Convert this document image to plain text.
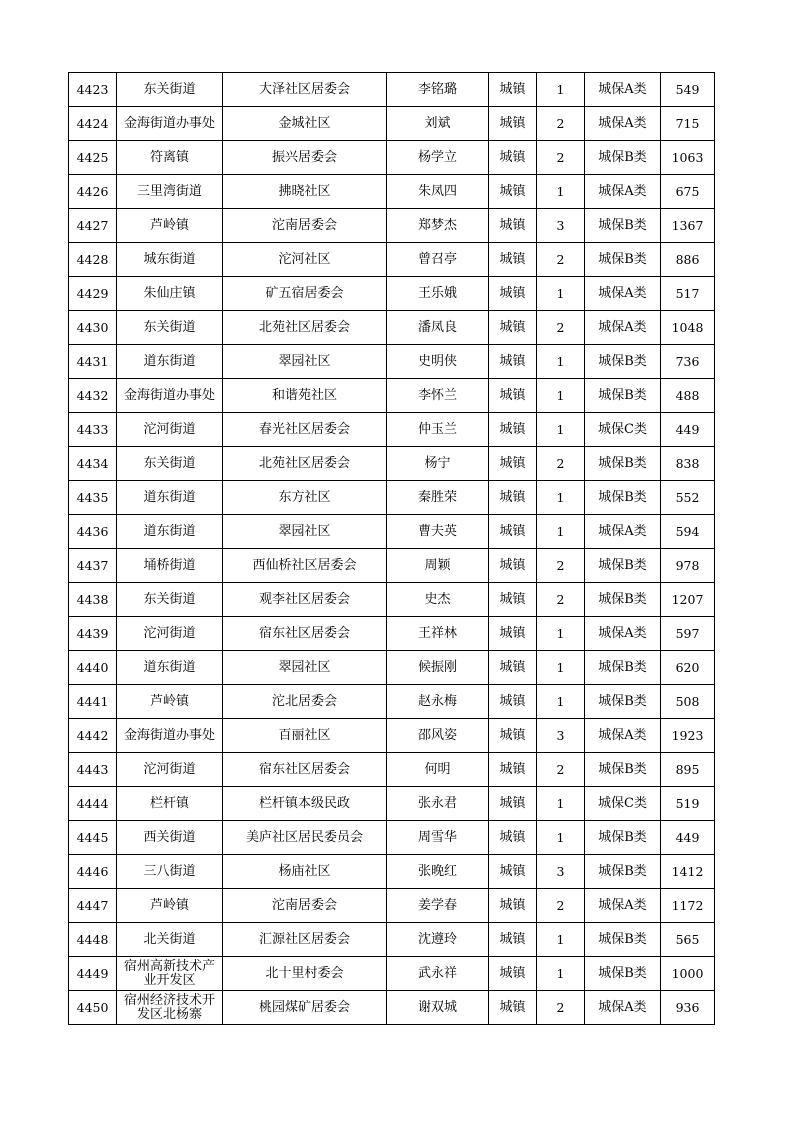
4423	东关街道	大泽社区居委会	李铭璐	城镇	1	城保A类	549
4424	金海街道办事处	金城社区	刘斌	城镇	2	城保A类	715
4425	符离镇	振兴居委会	杨学立	城镇	2	城保B类	1063
4426	三里湾街道	拂晓社区	朱凤四	城镇	1	城保A类	675
4427	芦岭镇	沱南居委会	郑梦杰	城镇	3	城保B类	1367
4428	城东街道	沱河社区	曾召亭	城镇	2	城保B类	886
4429	朱仙庄镇	矿五宿居委会	王乐娥	城镇	1	城保A类	517
4430	东关街道	北苑社区居委会	潘凤良	城镇	2	城保A类	1048
4431	道东街道	翠园社区	史明侠	城镇	1	城保B类	736
4432	金海街道办事处	和谐苑社区	李怀兰	城镇	1	城保B类	488
4433	沱河街道	春光社区居委会	仲玉兰	城镇	1	城保C类	449
4434	东关街道	北苑社区居委会	杨宁	城镇	2	城保B类	838
4435	道东街道	东方社区	秦胜荣	城镇	1	城保B类	552
4436	道东街道	翠园社区	曹夫英	城镇	1	城保A类	594
4437	埇桥街道	西仙桥社区居委会	周颖	城镇	2	城保B类	978
4438	东关街道	观李社区居委会	史杰	城镇	2	城保B类	1207
4439	沱河街道	宿东社区居委会	王祥林	城镇	1	城保A类	597
4440	道东街道	翠园社区	候振刚	城镇	1	城保B类	620
4441	芦岭镇	沱北居委会	赵永梅	城镇	1	城保B类	508
4442	金海街道办事处	百丽社区	邵风姿	城镇	3	城保A类	1923
4443	沱河街道	宿东社区居委会	何明	城镇	2	城保B类	895
4444	栏杆镇	栏杆镇本级民政	张永君	城镇	1	城保C类	519
4445	西关街道	美庐社区居民委员会	周雪华	城镇	1	城保B类	449
4446	三八街道	杨庙社区	张晚红	城镇	3	城保B类	1412
4447	芦岭镇	沱南居委会	姜学春	城镇	2	城保A类	1172
4448	北关街道	汇源社区居委会	沈遵玲	城镇	1	城保B类	565
4449	宿州高新技术产业开发区	北十里村委会	武永祥	城镇	1	城保B类	1000
4450	宿州经济技术开发区北杨寨	桃园煤矿居委会	谢双城	城镇	2	城保A类	936
